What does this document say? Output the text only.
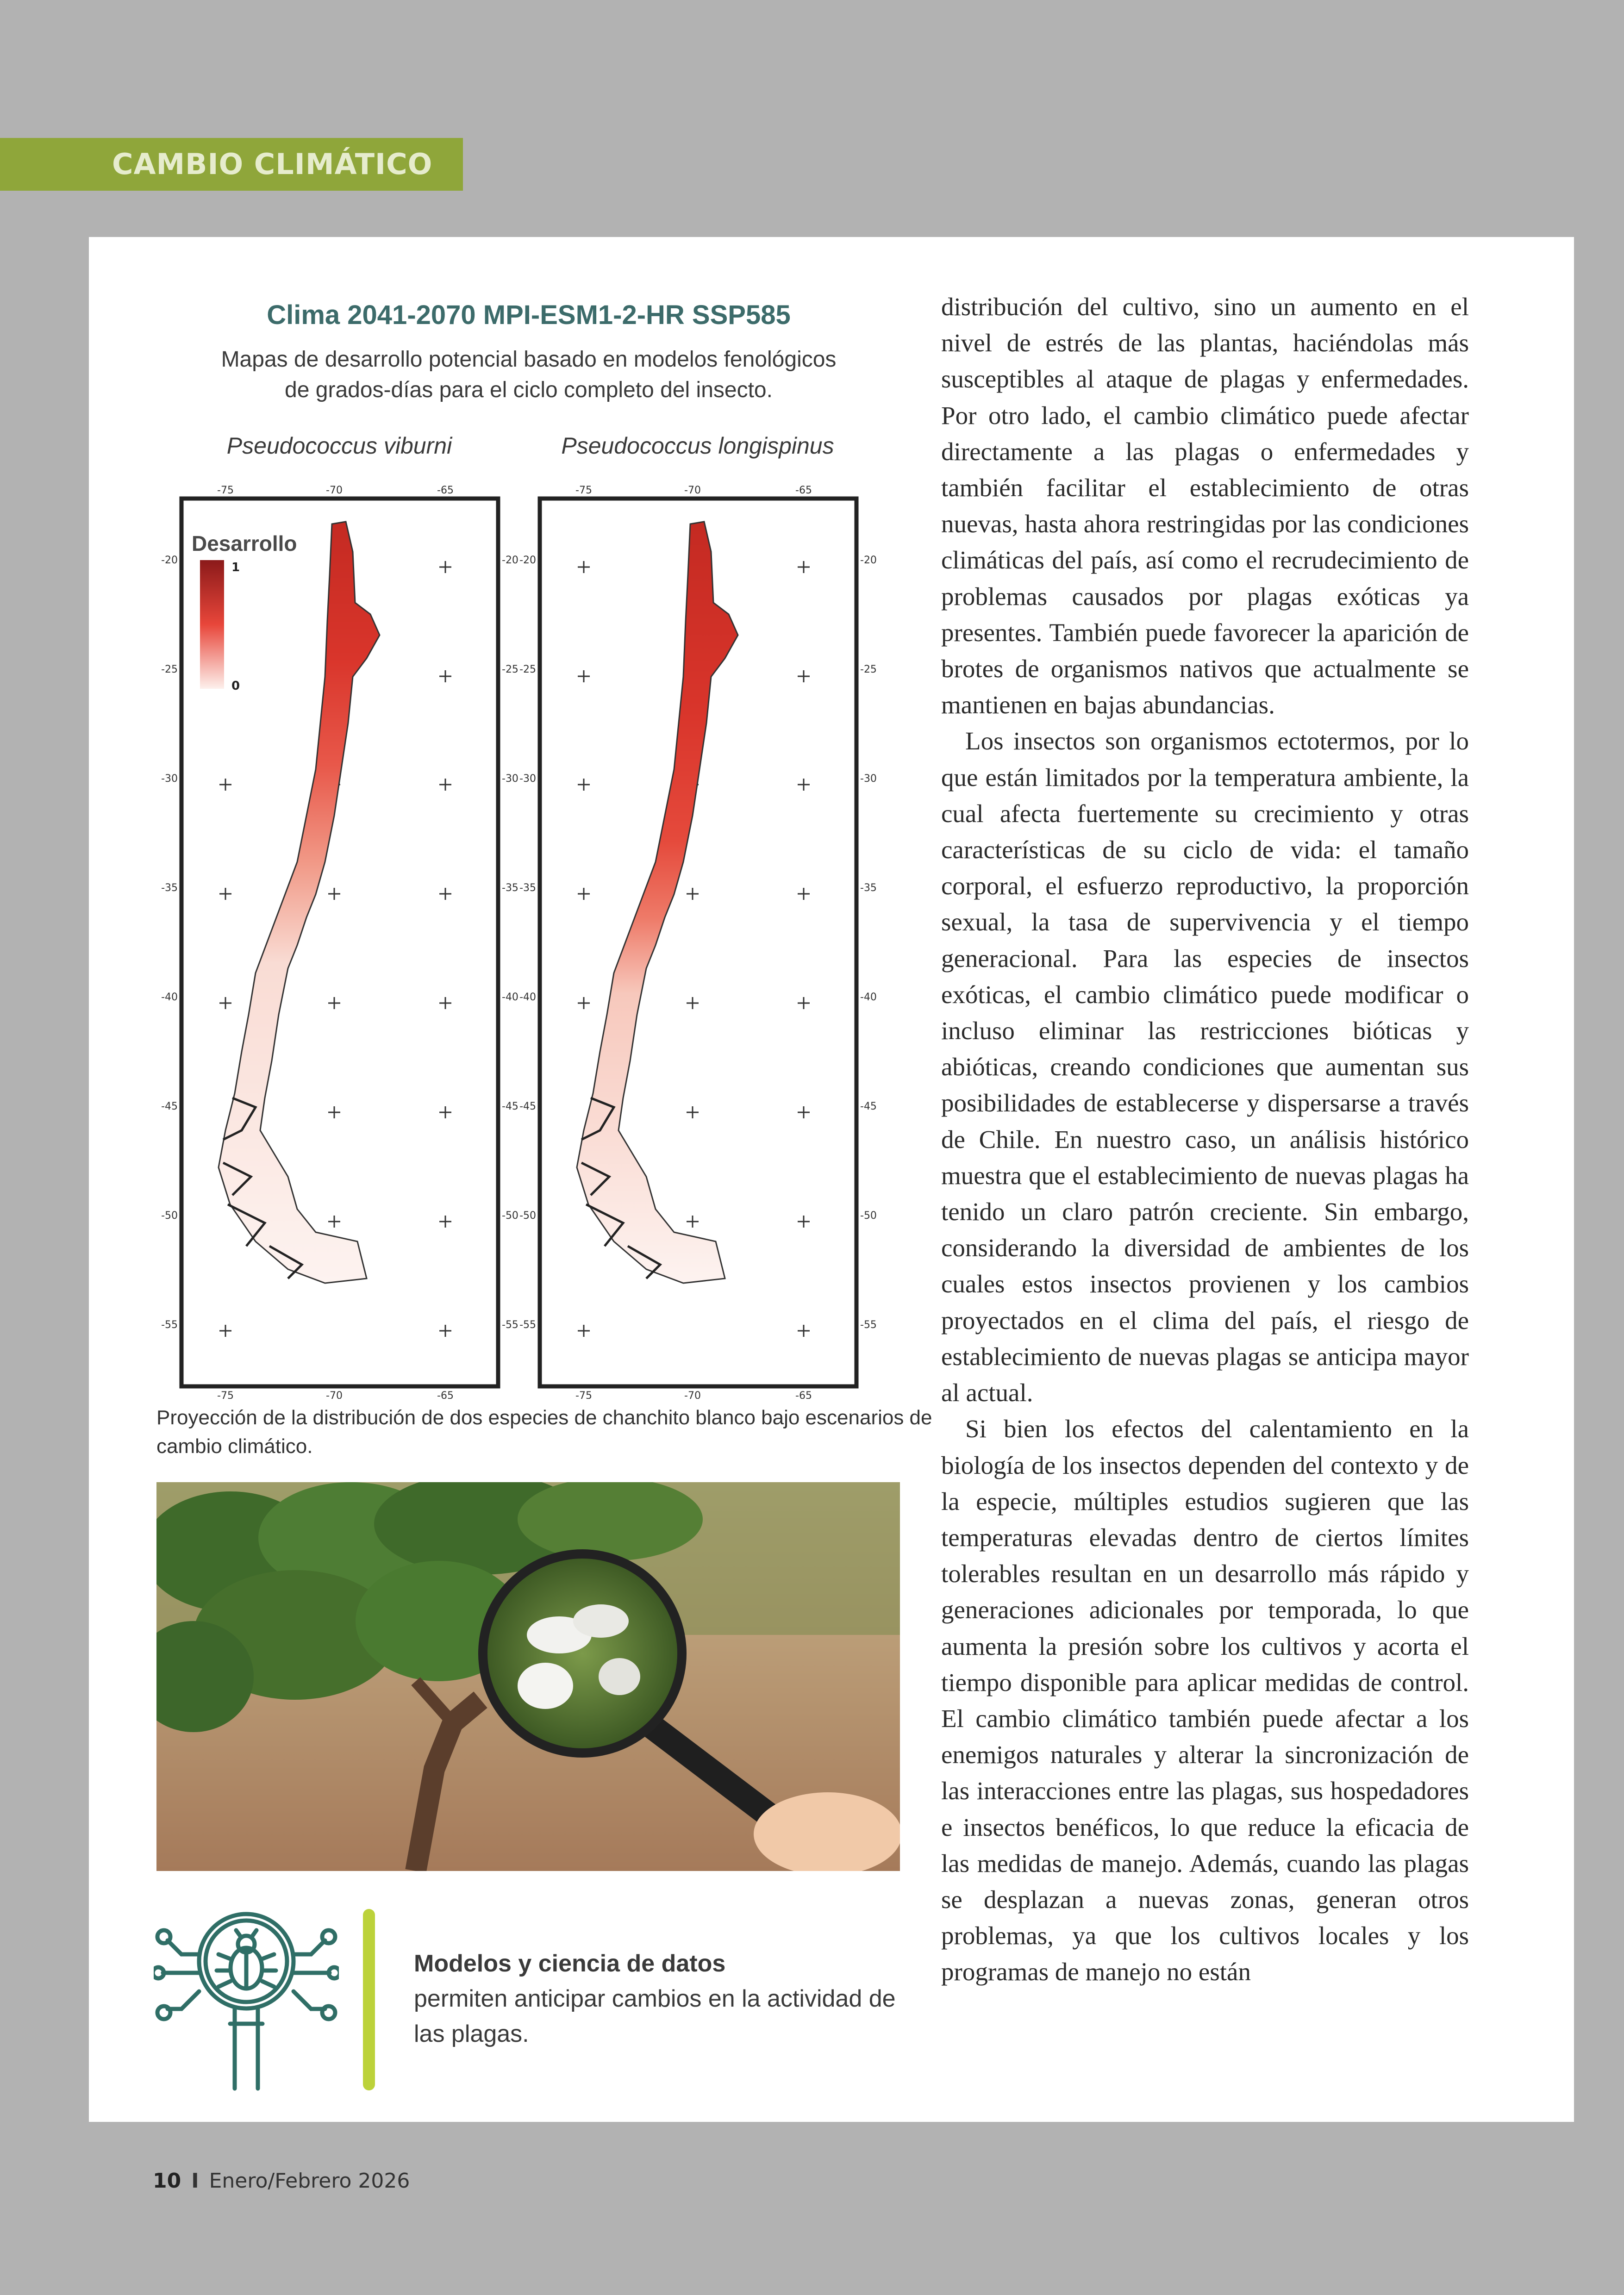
CAMBIO CLIMÁTICO
Clima 2041-2070 MPI-ESM1-2-HR SSP585
Mapas de desarrollo potencial basado en modelos fenológicos
de grados-días para el ciclo completo del insecto.
Pseudococcus viburni	Pseudococcus longispinus
-75	-70	-65
-75	-70	-65
-20
-25
-30
-35
-40
-45
-50
-55
-20
-25
-30
-35
-40
-45
-50
-55
Desarrollo
1
0
-75	-70	-65
-75	-70	-65
-20
-25
-30
-35
-40
-45
-50
-55
-20
-25
-30
-35
-40
-45
-50
-55
Proyección de la distribución de dos especies de chanchito blanco bajo escenarios de cambio climático.
Modelos y ciencia de datos
permiten anticipar cambios en la actividad de las plagas.

distribución del cultivo, sino un aumento en el nivel de estrés de las plantas, haciéndolas más susceptibles al ataque de plagas y enfermedades. Por otro lado, el cambio climático puede afectar directamente a las plagas o enfermedades y también facilitar el establecimiento de otras nuevas, hasta ahora restringidas por las condiciones climáticas del país, así como el recrudecimiento de problemas causados por plagas exóticas ya presentes. También puede favorecer la aparición de brotes de organismos nativos que actualmente se mantienen en bajas abundancias.

Los insectos son organismos ectotermos, por lo que están limitados por la temperatura ambiente, la cual afecta fuertemente su crecimiento y otras características de su ciclo de vida: el tamaño corporal, el esfuerzo reproductivo, la proporción sexual, la tasa de supervivencia y el tiempo generacional. Para las especies de insectos exóticas, el cambio climático puede modificar o incluso eliminar las restricciones bióticas y abióticas, creando condiciones que aumentan sus posibilidades de establecerse y dispersarse a través de Chile. En nuestro caso, un análisis histórico muestra que el establecimiento de nuevas plagas ha tenido un claro patrón creciente. Sin embargo, considerando la diversidad de ambientes de los cuales estos insectos provienen y los cambios proyectados en el clima del país, el riesgo de establecimiento de nuevas plagas se anticipa mayor al actual.

Si bien los efectos del calentamiento en la biología de los insectos dependen del contexto y de la especie, múltiples estudios sugieren que las temperaturas elevadas dentro de ciertos límites tolerables resultan en un desarrollo más rápido y generaciones adicionales por temporada, lo que aumenta la presión sobre los cultivos y acorta el tiempo disponible para aplicar medidas de control. El cambio climático también puede afectar a los enemigos naturales y alterar la sincronización de las interacciones entre las plagas, sus hospedadores e insectos benéficos, lo que reduce la eficacia de las medidas de manejo. Además, cuando las plagas se desplazan a nuevas zonas, generan otros problemas, ya que los cultivos locales y los programas de manejo no están

10 I Enero/Febrero 2026
